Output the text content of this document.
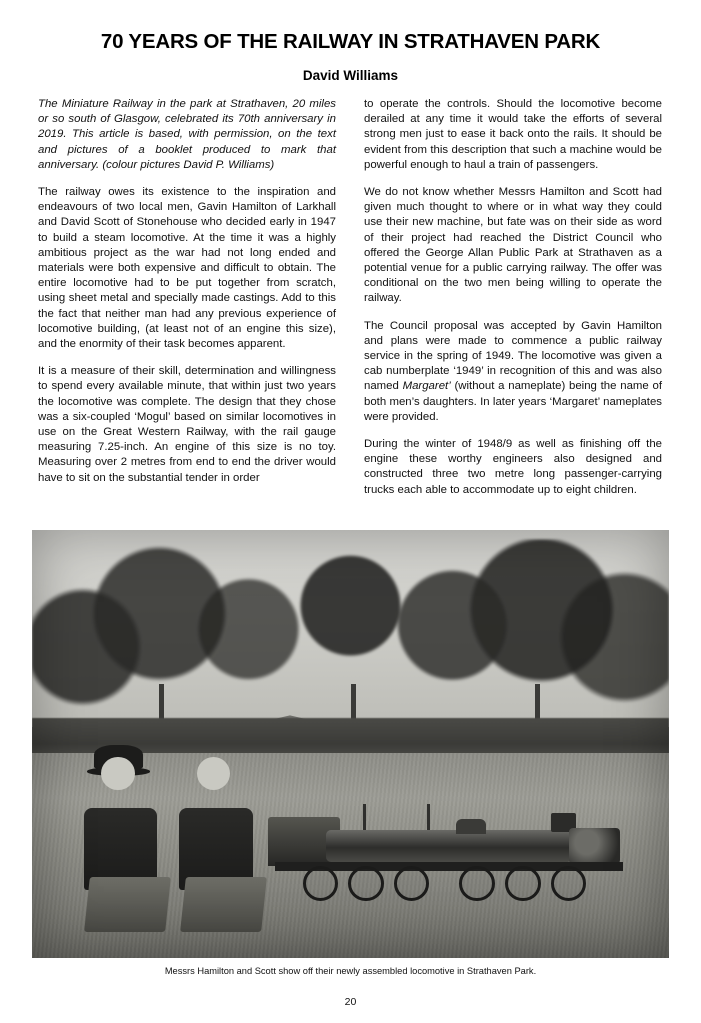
70 YEARS OF THE RAILWAY IN STRATHAVEN PARK
David Williams

The Miniature Railway in the park at Strathaven, 20 miles or so south of Glasgow, celebrated its 70th anniversary in 2019. This article is based, with permission, on the text and pictures of a booklet produced to mark that anniversary. (colour pictures David P. Williams)

The railway owes its existence to the inspiration and endeavours of two local men, Gavin Hamilton of Larkhall and David Scott of Stonehouse who decided early in 1947 to build a steam locomotive. At the time it was a highly ambitious project as the war had not long ended and materials were both expensive and difficult to obtain. The entire locomotive had to be put together from scratch, using sheet metal and specially made castings. Add to this the fact that neither man had any previous experience of locomotive building, (at least not of an engine this size), and the enormity of their task becomes apparent.

It is a measure of their skill, determination and willingness to spend every available minute, that within just two years the locomotive was complete. The design that they chose was a six-coupled ‘Mogul’ based on similar locomotives in use on the Great Western Railway, with the rail gauge measuring 7.25-inch. An engine of this size is no toy. Measuring over 2 metres from end to end the driver would have to sit on the substantial tender in order

to operate the controls. Should the locomotive become derailed at any time it would take the efforts of several strong men just to ease it back onto the rails. It should be evident from this description that such a machine would be powerful enough to haul a train of passengers.

We do not know whether Messrs Hamilton and Scott had given much thought to where or in what way they could use their new machine, but fate was on their side as word of their project had reached the District Council who offered the George Allan Public Park at Strathaven as a potential venue for a public carrying railway. The offer was conditional on the two men being willing to operate the railway.

The Council proposal was accepted by Gavin Hamilton and plans were made to commence a public railway service in the spring of 1949. The locomotive was given a cab numberplate ‘1949’ in recognition of this and was also named Margaret’ (without a nameplate) being the name of both men’s daughters. In later years ‘Margaret’ nameplates were provided.

During the winter of 1948/9 as well as finishing off the engine these worthy engineers also designed and constructed three two metre long passenger-carrying trucks each able to accommodate up to eight children.

Messrs Hamilton and Scott show off their newly assembled locomotive in Strathaven Park.
20
